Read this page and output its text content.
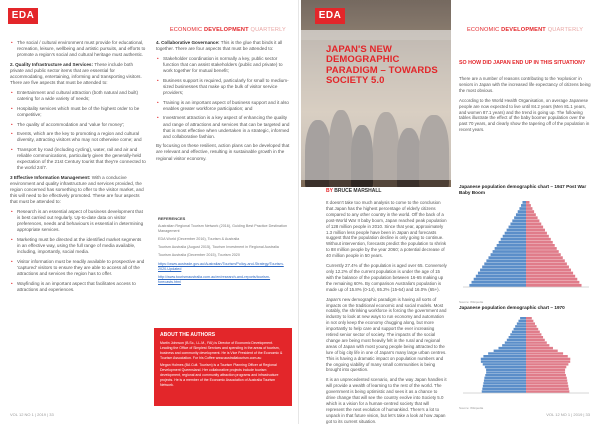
EDA
ECONOMIC DEVELOPMENT QUARTERLY
• The social / cultural environment must provide for educational, recreation, leisure, wellbeing and artistic pursuits, and efforts to promote a region's social and cultural heritage must authentic.

2. Quality Infrastructure and Services: These include both private and public sector items that are essential for accommodating, entertaining, informing and transporting visitors. There are five aspects that must be attended to:

• Entertainment and cultural attraction (both natural and built) catering for a wide variety of needs;
• Hospitality services which must be of the highest order to be competitive;
• The quality of accommodation and 'value for money';
• Events, which are the key to promoting a region and cultural diversity, attracting visitors who may not otherwise come; and
• Transport by road (including cycling), water, rail and air and reliable communications, particularly given the generally-held expectation of the 21st Century tourist that they're connected to the world 24/7.

3 Effective Information Management: With a conducive environment and quality infrastructure and services provided, the region concerned has something to offer to the visitor market, and this will need to be effectively promoted. These are four aspects that must be attended to:

• Research is an essential aspect of business development that is best carried out regularly. Up-to-date data on visitor preferences, needs and behaviours is essential in determining appropriate services.
• Marketing must be directed at the identified market segments in an effective way, using the full range of media available, including, importantly, social media.
• Visitor information must be readily available to prospective and 'captured' visitors to ensure they are able to access all of the attractions and services the region has to offer.
• Wayfinding is an important aspect that facilitates access to attractions and experiences.

4. Collaborative Governance: This is the glue that binds it all together. There are four aspects that must be attended to:

• Stakeholder coordination is normally a key, public sector function that can assist stakeholders (public and private) to work together for mutual benefit;
• Business support is required, particularly for small to medium-sized businesses that make up the bulk of visitor service providers;
• Training is an important aspect of business support and it also enables greater workforce participation; and
• Investment attraction is a key aspect of enhancing the quality and range of attractions and services that can be targeted and that is most effective when undertaken in a strategic, informed and collaborative fashion.

By focusing on these resilient, action plans can be developed that are relevant and effective, resulting in sustainable growth in the regional visitor economy.

REFERENCES
Australian Regional Tourism Network (2016), Guiding Best Practice Destination Management
EDA World (December 2016), Tourism & Australia
Tourism Australia (August 2015), Tourism Investment in Regional Australia
Tourism Australia (December 2015), Tourism 2020
https://www.austrade.gov.au/Australian/Tourism/Policy-and-Strategy/Tourism-2020-Updated
http://www.tourismaustralia.com.au/en/research-and-reports/tourism-forecasts.html
ABOUT THE AUTHORS

Martin Johnson (B.Sc., LL.M., FAI) is Director of Economic Development. Leading the Office of Simplest Services and spending in the areas of tourism, business and community development. He is Vice President of the Economic & Tourism Association. For his Coffee www.australiatourism.com.au

Megan Holmes (BA Cult. Tourism) is a Tourism Planning Officer at Regional Development Queensland. Her collaborative projects include tourism development, regional and community attraction programs and infrastructure projects. He is a member of the Economic Association of Australia Tourism Network.

VOL 12 NO 1 | 2019 | 33
EDA
ECONOMIC DEVELOPMENT QUARTERLY
JAPAN'S NEW DEMOGRAPHIC PARADIGM – TOWARDS SOCIETY 5.0
BY BRUCE MARSHALL

It doesn't take too much analysis to come to the conclusion that Japan has the highest percentage of elderly citizens compared to any other country in the world. Off the back of a post-World War II baby boom, Japan reached peak population of 128 million people in 2010. Since that year, approximately 1.3 million less people have been in Japan and forecasts suggest that the population decline is only going to continue. Without intervention, forecasts predict the population to shrink to 88 million people by the year 2060; a potential decrease of 40 million people in 50 years.

Currently 27.4% of the population is aged over 65. Conversely only 12.2% of the current population is under the age of 15 with the balance of the population between 16-65 making up the remaining 60%. By comparison Australia's population is made up of 15.8% (0-14), 65.2% (15-64) and 16.0% (65+).

Japan's new demographic paradigm is having all sorts of impacts on the traditional economic and social models. Most notably, the shrinking workforce is forcing the government and industry to look at new ways to run economy and automation in not only keep the economy chugging along, but more importantly to help care and support the ever increasing retired senior sector of society. The impacts of the social change are being most heavily felt in the rural and regional areas of Japan with most young people being attracted to the lure of big city life in one of Japan's many large urban centres. This is having a dramatic impact on population numbers and the ongoing viability of many small communities is being brought into question.

It is an unprecedented scenario, and the way Japan handles it will provide a wealth of learning to the rest of the world. The government is being optimistic and sees it as a chance to drive change that will see the country evolve into Society 5.0 which is a vision for a human-centred society that will represent the next evolution of humankind. There's a lot to unpack in that future vision, but let's take a look at how Japan got to its current situation.

SO HOW DID JAPAN END UP IN THIS SITUATION?

There are a number of reasons contributing to the 'explosion' in seniors in Japan with the increased life expectancy of citizens being the most obvious.

According to the World Health Organisation, on average Japanese people are now expected to live until 84.2 years (Men 81.1 years, and women 87.1 years) and the trend is going up. The following tables illustrate the effect of the baby boomer population over the past 70 years, and clearly show the tapering off of the population in recent years.

Japanese population demographic chart – 1947 Post War Baby Boom
Source: Wikipedia
Japanese population demographic chart – 1970
Source: Wikipedia
VOL 12 NO 1 | 2019 | 33
